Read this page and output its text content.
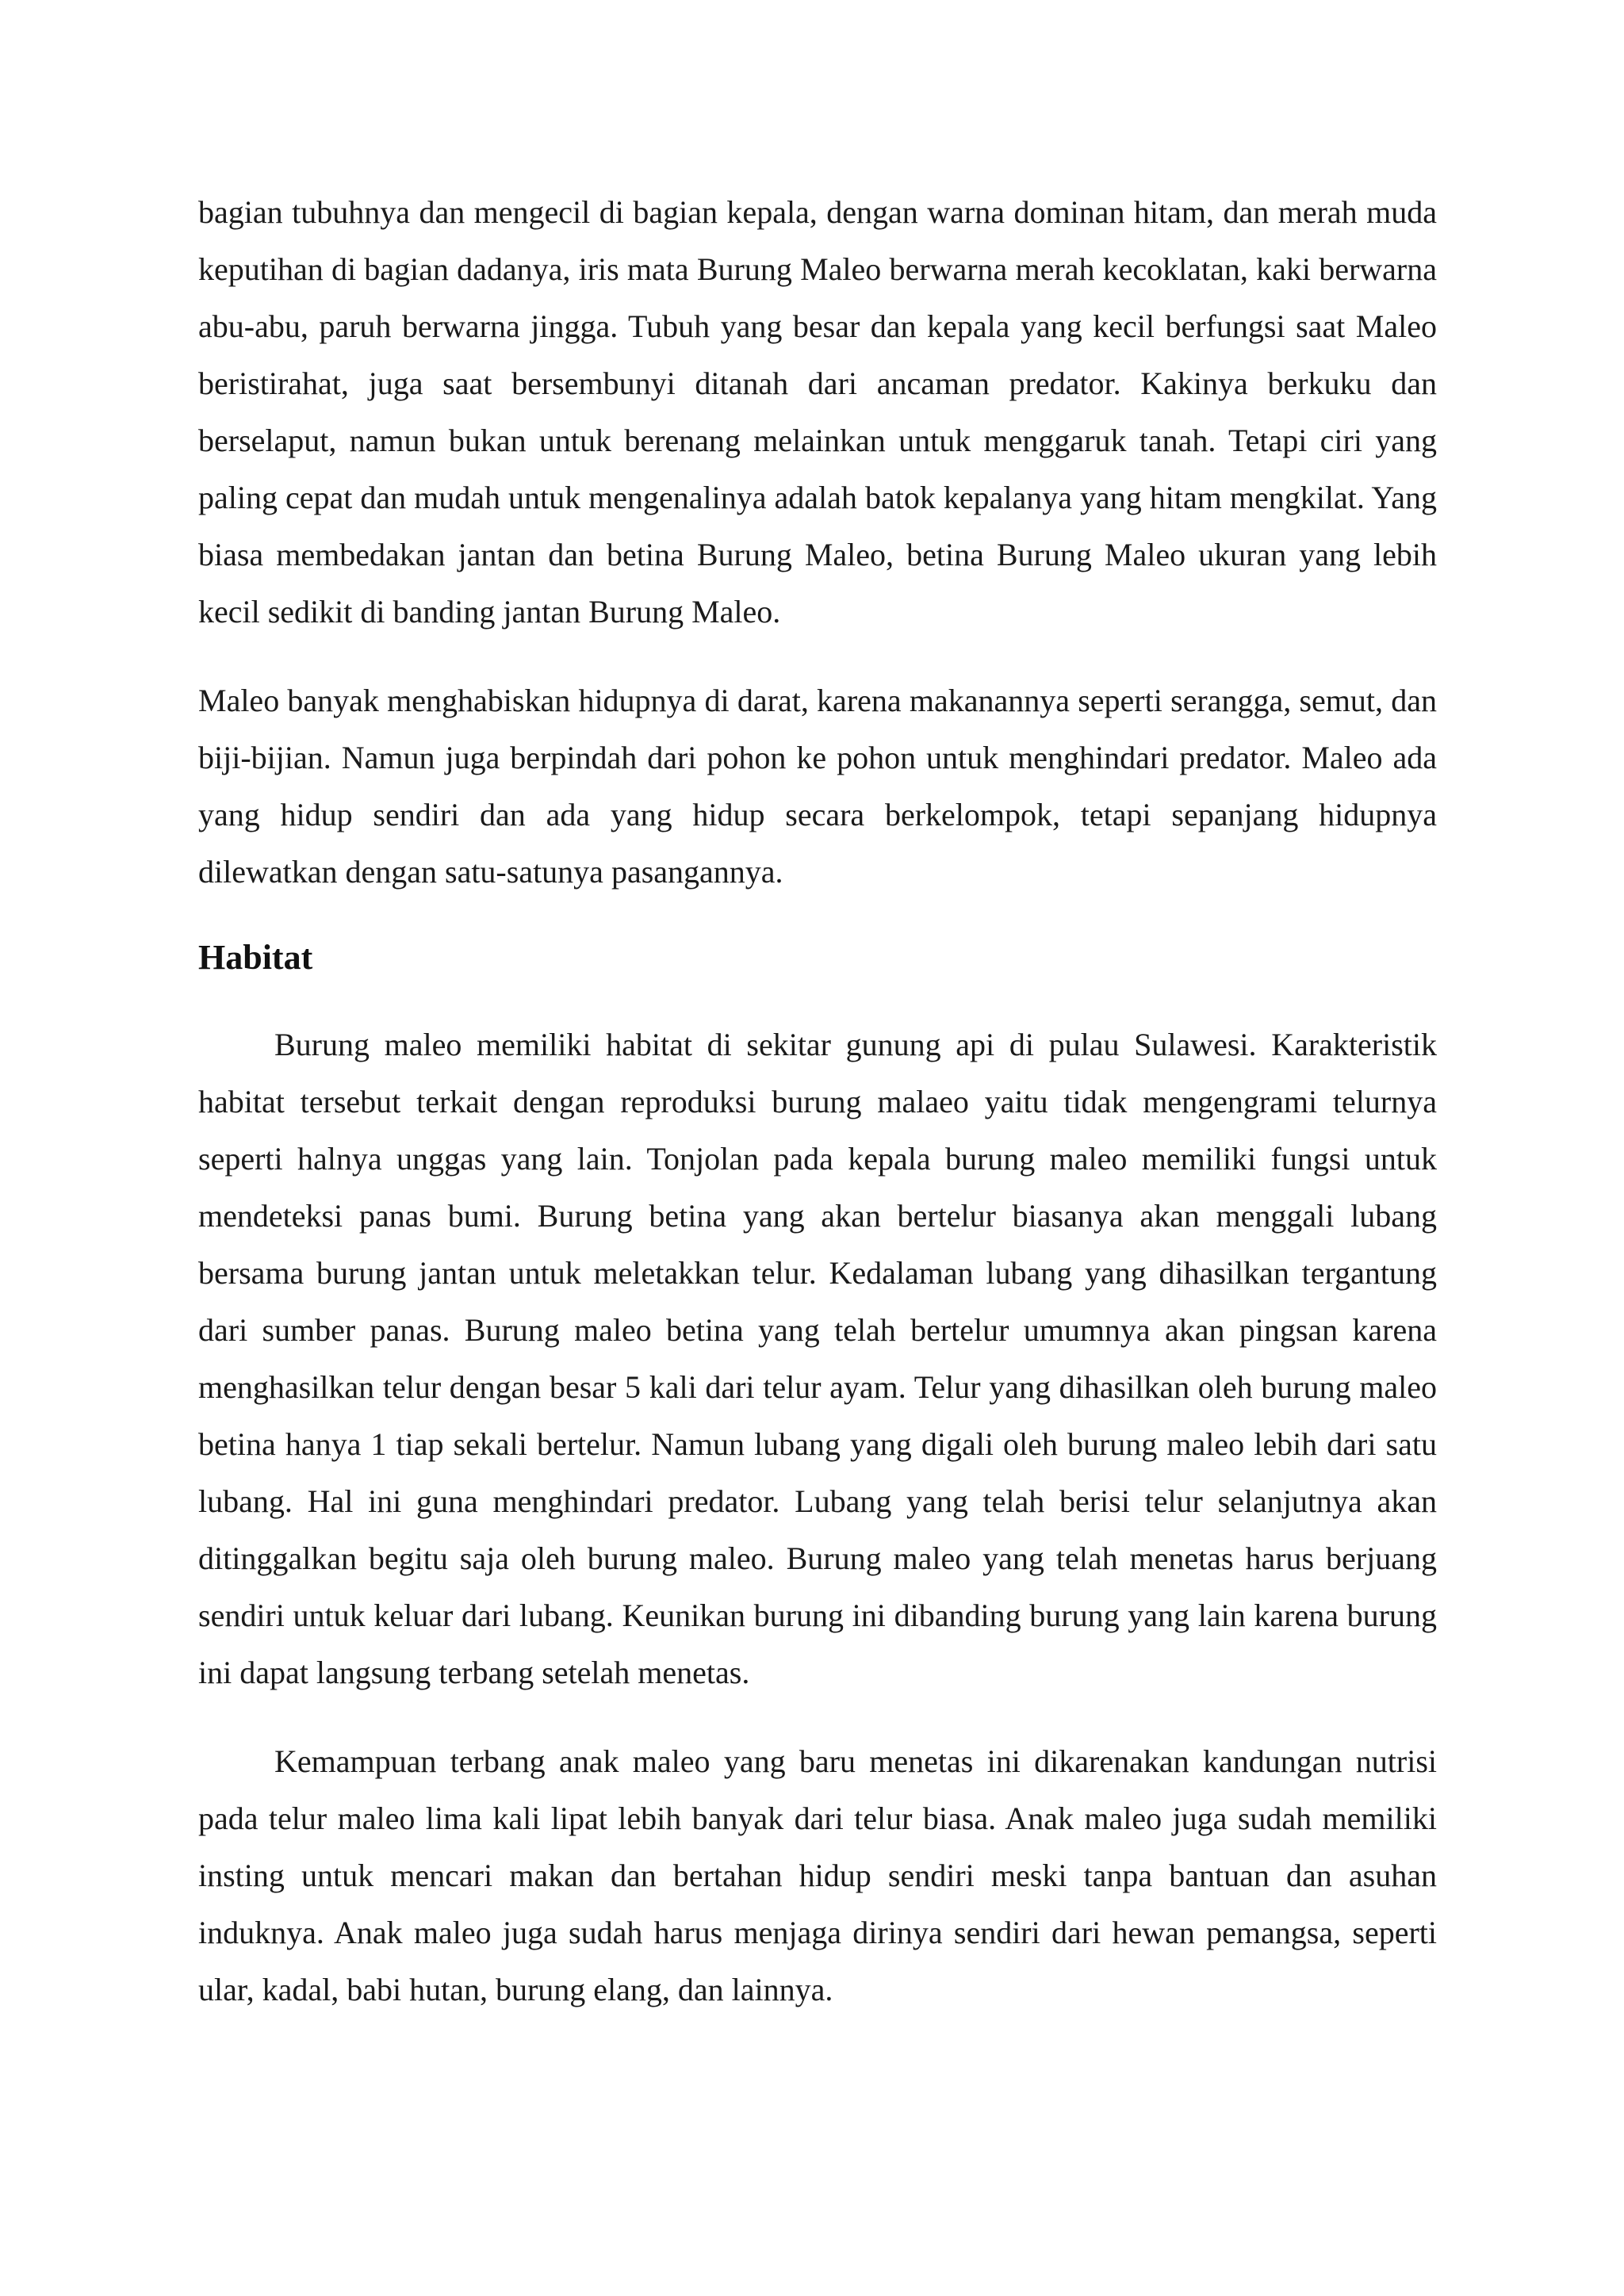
bagian tubuhnya dan mengecil di bagian kepala, dengan warna dominan hitam, dan merah muda keputihan di bagian dadanya, iris mata Burung Maleo berwarna merah kecoklatan, kaki berwarna abu-abu, paruh berwarna jingga. Tubuh yang besar dan kepala yang kecil berfungsi saat Maleo beristirahat, juga saat bersembunyi ditanah dari ancaman predator. Kakinya berkuku dan berselaput, namun bukan untuk berenang melainkan untuk menggaruk tanah. Tetapi ciri yang paling cepat dan mudah untuk mengenalinya adalah batok kepalanya yang hitam mengkilat. Yang biasa membedakan jantan dan betina Burung Maleo, betina Burung Maleo ukuran yang lebih kecil sedikit di banding jantan Burung Maleo.

Maleo banyak menghabiskan hidupnya di darat, karena makanannya seperti serangga, semut, dan biji-bijian. Namun juga berpindah dari pohon ke pohon untuk menghindari predator. Maleo ada yang hidup sendiri dan ada yang hidup secara berkelompok, tetapi sepanjang hidupnya dilewatkan dengan satu-satunya pasangannya.

Habitat

Burung maleo memiliki habitat di sekitar gunung api di pulau Sulawesi. Karakteristik habitat tersebut terkait dengan reproduksi burung malaeo yaitu tidak mengengrami telurnya seperti halnya unggas yang lain. Tonjolan pada kepala burung maleo memiliki fungsi untuk mendeteksi panas bumi. Burung betina yang akan bertelur biasanya akan menggali lubang bersama burung jantan untuk meletakkan telur. Kedalaman lubang yang dihasilkan tergantung dari sumber panas. Burung maleo betina yang telah bertelur umumnya akan pingsan karena menghasilkan telur dengan besar 5 kali dari telur ayam. Telur yang dihasilkan oleh burung maleo betina hanya 1 tiap sekali bertelur. Namun lubang yang digali oleh burung maleo lebih dari satu lubang. Hal ini guna menghindari predator. Lubang yang telah berisi telur selanjutnya akan ditinggalkan begitu saja oleh burung maleo. Burung maleo yang telah menetas harus berjuang sendiri untuk keluar dari lubang. Keunikan burung ini dibanding burung yang lain karena burung ini dapat langsung terbang setelah menetas.

Kemampuan terbang anak maleo yang baru menetas ini dikarenakan kandungan nutrisi pada telur maleo lima kali lipat lebih banyak dari telur biasa. Anak maleo juga sudah memiliki insting untuk mencari makan dan bertahan hidup sendiri meski tanpa bantuan dan asuhan induknya. Anak maleo juga sudah harus menjaga dirinya sendiri dari hewan pemangsa, seperti ular, kadal, babi hutan, burung elang, dan lainnya.
